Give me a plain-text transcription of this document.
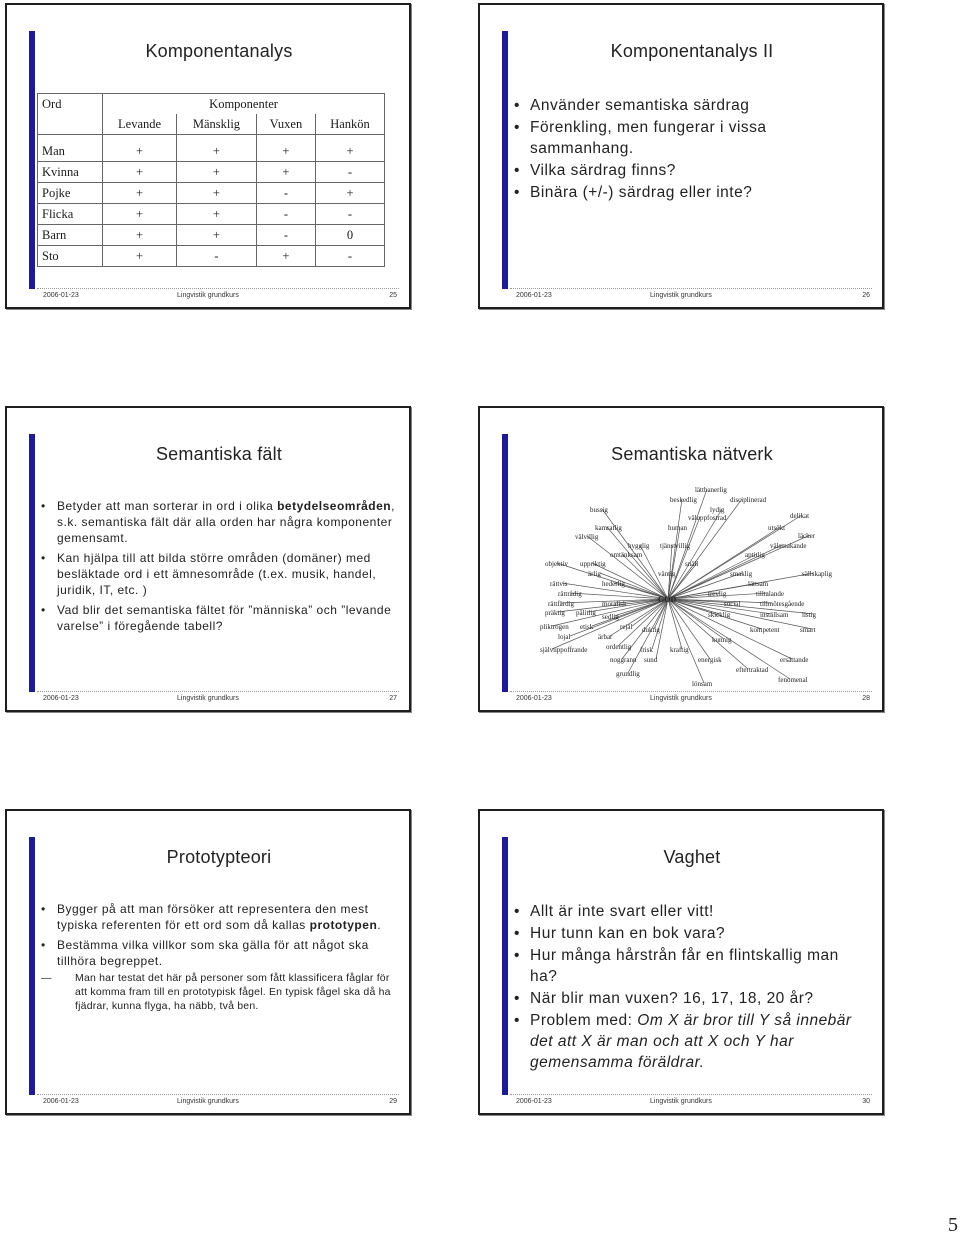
Komponentanalys
Ord	Komponenter			
	Levande	Mänsklig	Vuxen	Hankön
Man	+	+	+	+
Kvinna	+	+	+	-
Pojke	+	+	-	+
Flicka	+	+	-	-
Barn	+	+	-	0
Sto	+	-	+	-
2006-01-23	Lingvistik grundkurs	25
Komponentanalys II
• Använder semantiska särdrag
• Förenkling, men fungerar i vissa sammanhang.
• Vilka särdrag finns?
• Binära (+/-) särdrag eller inte?
2006-01-23	Lingvistik grundkurs	26
Semantiska fält
• Betyder att man sorterar in ord i olika betydelseområden, s.k. semantiska fält där alla orden har några komponenter gemensamt.
• Kan hjälpa till att bilda större områden (domäner) med besläktade ord i ett ämnesområde (t.ex. musik, handel, juridik, IT, etc. )
• Vad blir det semantiska fältet för ”människa” och ”levande varelse” i föregående tabell?
2006-01-23	Lingvistik grundkurs	27
Semantiska nätverk
lättbanerlig
beskedlig	disciplinerad
bussig	lydig
väluppfostrad	delikat
kamratlig	human	utsökt
välvillig	läcker
hygglig tjänstvillig	välsmakande
omtänksam	aptitlig
objektiv uppriktig	snäll
ärlig	väntig	smaklig	sällskaplig
rättvis	hederlig	lättsam
rättrådig	trevlig	tilltalande
rättfärdig	moralisk	social	tillmötesgående
präktig pålitlig	skicklig	inställsam listig
pliktrogen etisk
sedlig
rejäl duktig	kompetent	smart
lojal	ärbar	kunnig
självuppoffrande	ordentlig frisk kraftig
noggrann sund	energisk	ersättande
grundlig	eftertraktad
fenomenal
lönsam
GOD
2006-01-23	Lingvistik grundkurs	28
Prototypteori
• Bygger på att man försöker att representera den mest typiska referenten för ett ord som då kallas prototypen.
• Bestämma vilka villkor som ska gälla för att något ska tillhöra begreppet.
— Man har testat det här på personer som fått klassificera fåglar för att komma fram till en prototypisk fågel. En typisk fågel ska då ha fjädrar, kunna flyga, ha näbb, två ben.
2006-01-23	Lingvistik grundkurs	29
Vaghet
• Allt är inte svart eller vitt!
• Hur tunn kan en bok vara?
• Hur många hårstrån får en flintskallig man ha?
• När blir man vuxen? 16, 17, 18, 20 år?
• Problem med: Om X är bror till Y så innebär det att X är man och att X och Y har gemensamma föräldrar.
2006-01-23	Lingvistik grundkurs	30
5
